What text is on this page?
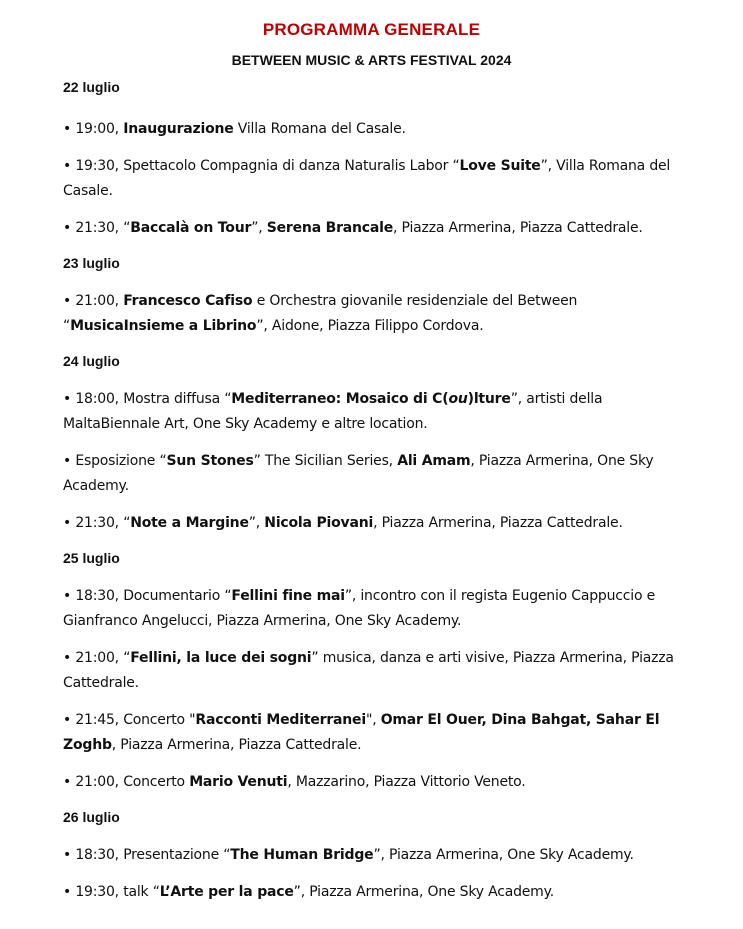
PROGRAMMA GENERALE
BETWEEN MUSIC & ARTS FESTIVAL 2024

22 luglio

• 19:00, Inaugurazione Villa Romana del Casale.

• 19:30, Spettacolo Compagnia di danza Naturalis Labor “Love Suite”, Villa Romana del Casale.

• 21:30, “Baccalà on Tour”, Serena Brancale, Piazza Armerina, Piazza Cattedrale.

23 luglio

• 21:00, Francesco Cafiso e Orchestra giovanile residenziale del Between “MusicaInsieme a Librino”, Aidone, Piazza Filippo Cordova.

24 luglio

• 18:00, Mostra diffusa “Mediterraneo: Mosaico di C(ou)lture”, artisti della MaltaBiennale Art, One Sky Academy e altre location.

• Esposizione “Sun Stones” The Sicilian Series, Ali Amam, Piazza Armerina, One Sky Academy.

• 21:30, “Note a Margine”, Nicola Piovani, Piazza Armerina, Piazza Cattedrale.

25 luglio

• 18:30, Documentario “Fellini fine mai”, incontro con il regista Eugenio Cappuccio e Gianfranco Angelucci, Piazza Armerina, One Sky Academy.

• 21:00, “Fellini, la luce dei sogni” musica, danza e arti visive, Piazza Armerina, Piazza Cattedrale.

• 21:45, Concerto "Racconti Mediterranei", Omar El Ouer, Dina Bahgat, Sahar El Zoghb, Piazza Armerina, Piazza Cattedrale.

• 21:00, Concerto Mario Venuti, Mazzarino, Piazza Vittorio Veneto.

26 luglio

• 18:30, Presentazione “The Human Bridge”, Piazza Armerina, One Sky Academy.

• 19:30, talk “L’Arte per la pace”, Piazza Armerina, One Sky Academy.
